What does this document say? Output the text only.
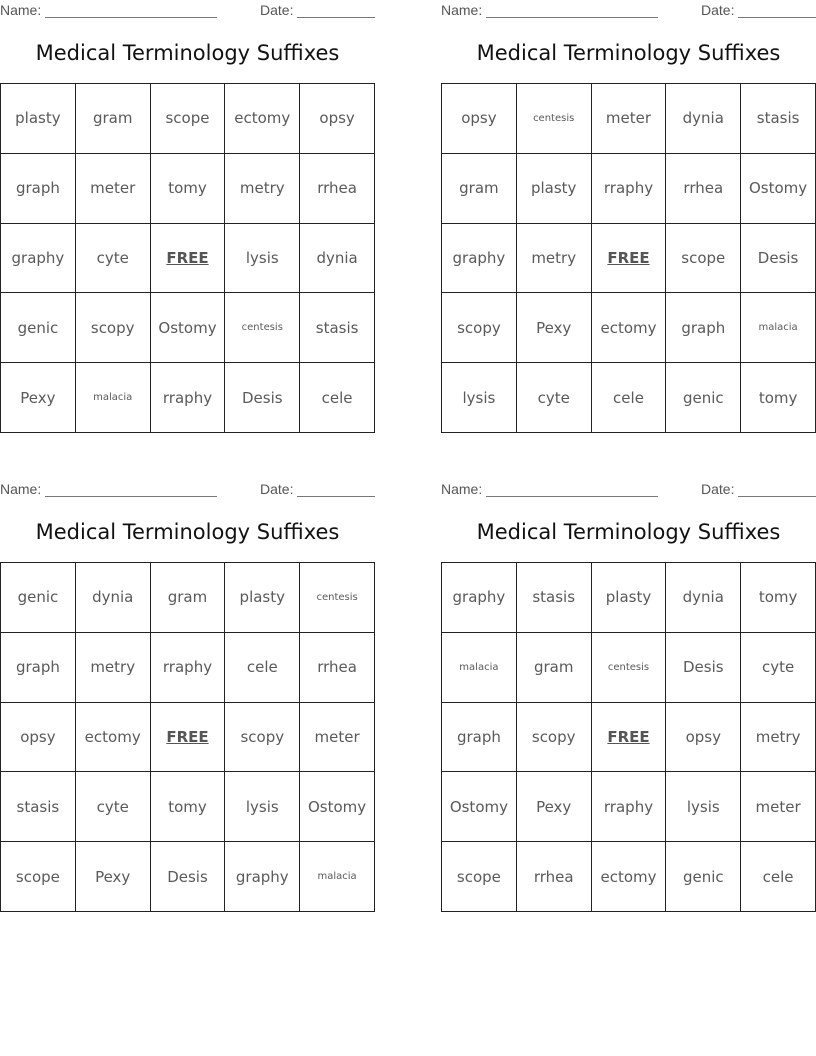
Name:	Date:
Medical Terminology Suffixes
plasty	gram	scope	ectomy	opsy
graph	meter	tomy	metry	rrhea
graphy	cyte	FREE	lysis	dynia
genic	scopy	Ostomy	centesis	stasis
Pexy	malacia	rraphy	Desis	cele
Name:	Date:
Medical Terminology Suffixes
opsy	centesis	meter	dynia	stasis
gram	plasty	rraphy	rrhea	Ostomy
graphy	metry	FREE	scope	Desis
scopy	Pexy	ectomy	graph	malacia
lysis	cyte	cele	genic	tomy
Name:	Date:
Medical Terminology Suffixes
genic	dynia	gram	plasty	centesis
graph	metry	rraphy	cele	rrhea
opsy	ectomy	FREE	scopy	meter
stasis	cyte	tomy	lysis	Ostomy
scope	Pexy	Desis	graphy	malacia
Name:	Date:
Medical Terminology Suffixes
graphy	stasis	plasty	dynia	tomy
malacia	gram	centesis	Desis	cyte
graph	scopy	FREE	opsy	metry
Ostomy	Pexy	rraphy	lysis	meter
scope	rrhea	ectomy	genic	cele
